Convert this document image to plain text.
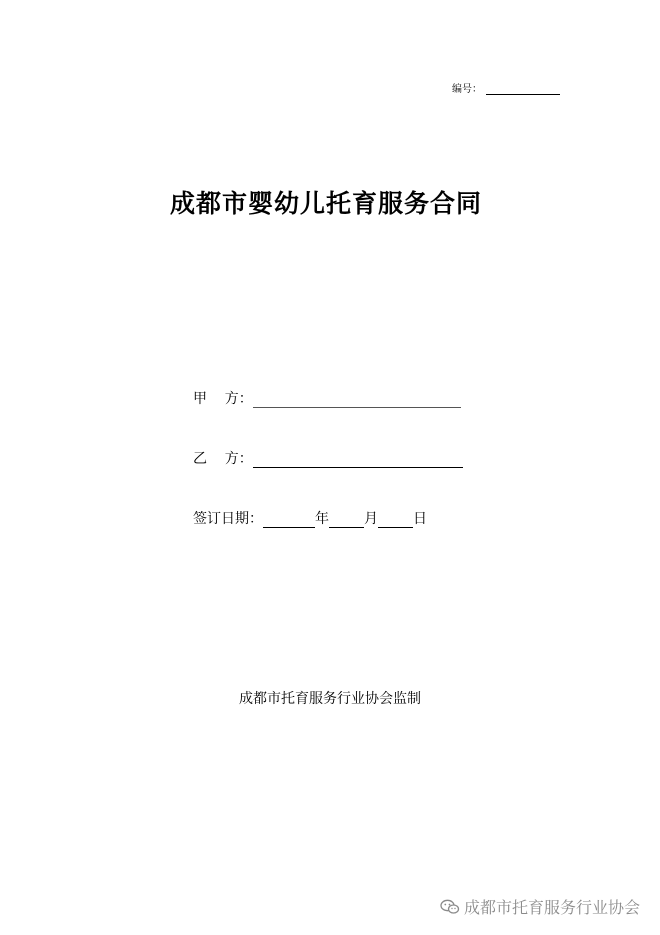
编号：
成都市婴幼儿托育服务合同
甲    方：
乙    方：
签订日期：	年	月	日
成都市托育服务行业协会监制
成都市托育服务行业协会
